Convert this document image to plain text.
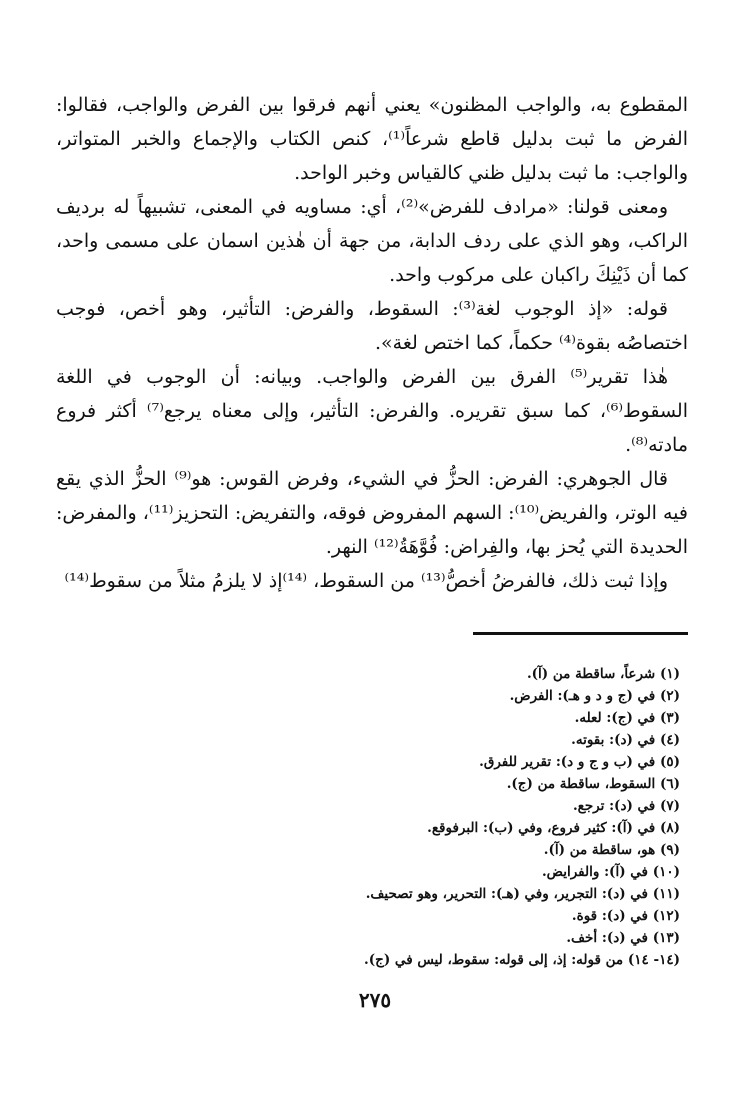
المقطوع به، والواجب المظنون» يعني أنهم فرقوا بين الفرض والواجب، فقالوا: الفرض ما ثبت بدليل قاطع شرعاً⁽¹⁾، كنص الكتاب والإجماع والخبر المتواتر، والواجب: ما ثبت بدليل ظني كالقياس وخبر الواحد.

ومعنى قولنا: «مرادف للفرض»⁽²⁾، أي: مساويه في المعنى، تشبيهاً له برديف الراكب، وهو الذي على ردف الدابة، من جهة أن هٰذين اسمان على مسمى واحد، كما أن ذَيْنِكَ راكبان على مركوب واحد.

قوله: «إذ الوجوب لغة⁽³⁾: السقوط، والفرض: التأثير، وهو أخص، فوجب اختصاصُه بقوة⁽⁴⁾ حكماً، كما اختص لغة».

هٰذا تقرير⁽⁵⁾ الفرق بين الفرض والواجب. وبيانه: أن الوجوب في اللغة السقوط⁽⁶⁾، كما سبق تقريره. والفرض: التأثير، وإلى معناه يرجع⁽⁷⁾ أكثر فروع مادته⁽⁸⁾.

قال الجوهري: الفرض: الحزُّ في الشيء، وفرض القوس: هو⁽⁹⁾ الحزُّ الذي يقع فيه الوتر، والفريض⁽¹⁰⁾: السهم المفروض فوقه، والتفريض: التحزيز⁽¹¹⁾، والمفرض: الحديدة التي يُحز بها، والفِراض: فُوَّهَةُ⁽¹²⁾ النهر.

وإذا ثبت ذلك، فالفرضُ أخصُّ⁽¹³⁾ من السقوط، ⁽¹⁴⁾إذ لا يلزمُ مثلاً من سقوط⁽¹⁴⁾

(١) شرعاً، ساقطة من (آ).
(٢) في (ج و د و هـ): الفرض.
(٣) في (ج): لعله.
(٤) في (د): بقوته.
(٥) في (ب و ج و د): تقرير للفرق.
(٦) السقوط، ساقطة من (ج).
(٧) في (د): ترجع.
(٨) في (آ): كثير فروع، وفي (ب): البرفوقع.
(٩) هو، ساقطة من (آ).
(١٠) في (آ): والفرايض.
(١١) في (د): التجرير، وفي (هـ): التحرير، وهو تصحيف.
(١٢) في (د): قوة.
(١٣) في (د): أخف.
(١٤- ١٤) من قوله: إذ، إلى قوله: سقوط، ليس في (ج).
٢٧٥
